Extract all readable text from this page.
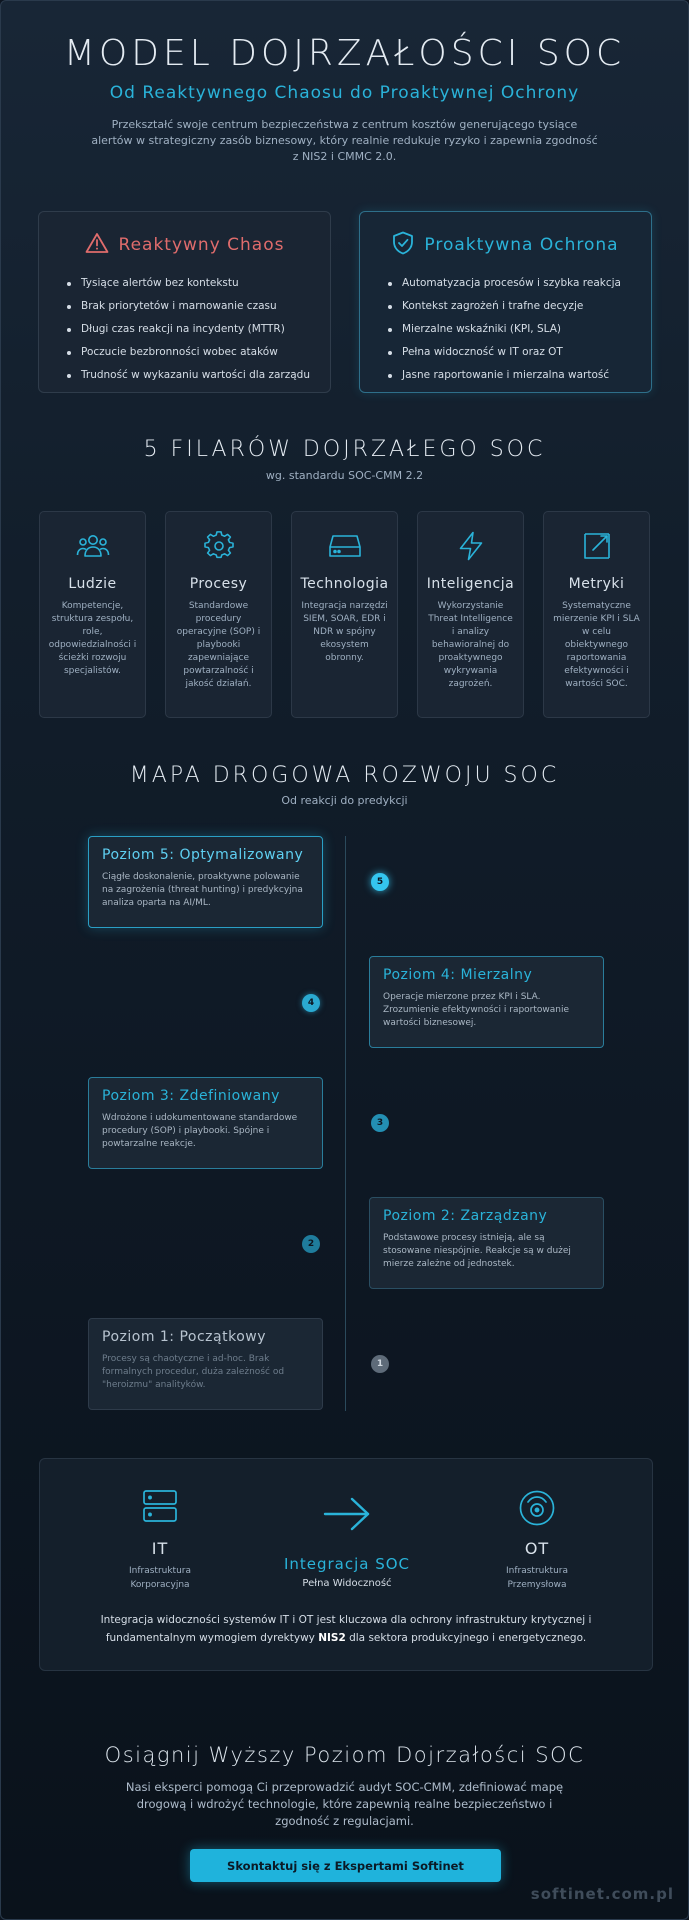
MODEL DOJRZAŁOŚCI SOC
Od Reaktywnego Chaosu do Proaktywnej Ochrony

Przekształć swoje centrum bezpieczeństwa z centrum kosztów generującego tysiące alertów w strategiczny zasób biznesowy, który realnie redukuje ryzyko i zapewnia zgodność z NIS2 i CMMC 2.0.

Reaktywny Chaos
Tysiące alertów bez kontekstu
Brak priorytetów i marnowanie czasu
Długi czas reakcji na incydenty (MTTR)
Poczucie bezbronności wobec ataków
Trudność w wykazaniu wartości dla zarządu
Proaktywna Ochrona
Automatyzacja procesów i szybka reakcja
Kontekst zagrożeń i trafne decyzje
Mierzalne wskaźniki (KPI, SLA)
Pełna widoczność w IT oraz OT
Jasne raportowanie i mierzalna wartość
5 FILARÓW DOJRZAŁEGO SOC
wg. standardu SOC-CMM 2.2
Ludzie
Kompetencje, struktura zespołu, role, odpowiedzialności i ścieżki rozwoju specjalistów.
Procesy
Standardowe procedury operacyjne (SOP) i playbooki zapewniające powtarzalność i jakość działań.
Technologia
Integracja narzędzi SIEM, SOAR, EDR i NDR w spójny ekosystem obronny.
Inteligencja
Wykorzystanie Threat Intelligence i analizy behawioralnej do proaktywnego wykrywania zagrożeń.
Metryki
Systematyczne mierzenie KPI i SLA w celu obiektywnego raportowania efektywności i wartości SOC.
MAPA DROGOWA ROZWOJU SOC
Od reakcji do predykcji
Poziom 5: Optymalizowany
Ciągłe doskonalenie, proaktywne polowanie na zagrożenia (threat hunting) i predykcyjna analiza oparta na AI/ML.
5
Poziom 4: Mierzalny
Operacje mierzone przez KPI i SLA. Zrozumienie efektywności i raportowanie wartości biznesowej.
4
Poziom 3: Zdefiniowany
Wdrożone i udokumentowane standardowe procedury (SOP) i playbooki. Spójne i powtarzalne reakcje.
3
Poziom 2: Zarządzany
Podstawowe procesy istnieją, ale są stosowane niespójnie. Reakcje są w dużej mierze zależne od jednostek.
2
Poziom 1: Początkowy
Procesy są chaotyczne i ad-hoc. Brak formalnych procedur, duża zależność od "heroizmu" analityków.
1
IT
Infrastruktura
Korporacyjna
Integracja SOC
Pełna Widoczność
OT
Infrastruktura
Przemysłowa

Integracja widoczności systemów IT i OT jest kluczowa dla ochrony infrastruktury krytycznej i fundamentalnym wymogiem dyrektywy NIS2 dla sektora produkcyjnego i energetycznego.

Osiągnij Wyższy Poziom Dojrzałości SOC

Nasi eksperci pomogą Ci przeprowadzić audyt SOC-CMM, zdefiniować mapę drogową i wdrożyć technologie, które zapewnią realne bezpieczeństwo i zgodność z regulacjami.

Skontaktuj się z Ekspertami Softinet
softinet.com.pl
